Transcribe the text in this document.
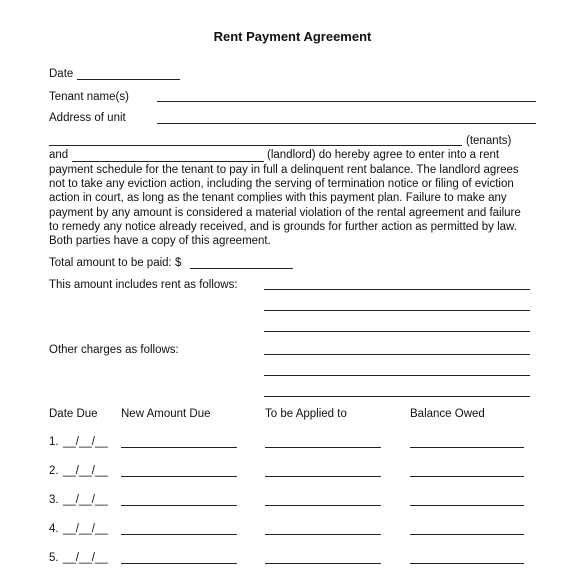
Rent Payment Agreement
Date
Tenant name(s)
Address of unit
(tenants)
and	(landlord) do hereby agree to enter into a rent
payment schedule for the tenant to pay in full a delinquent rent balance. The landlord agrees
not to take any eviction action, including the serving of termination notice or filing of eviction
action in court, as long as the tenant complies with this payment plan. Failure to make any
payment by any amount is considered a material violation of the rental agreement and failure
to remedy any notice already received, and is grounds for further action as permitted by law.
Both parties have a copy of this agreement.
Total amount to be paid: $
This amount includes rent as follows:
Other charges as follows:
Date Due New Amount Due	To be Applied to	Balance Owed
1. __/__/__
2. __/__/__
3. __/__/__
4. __/__/__
5. __/__/__
